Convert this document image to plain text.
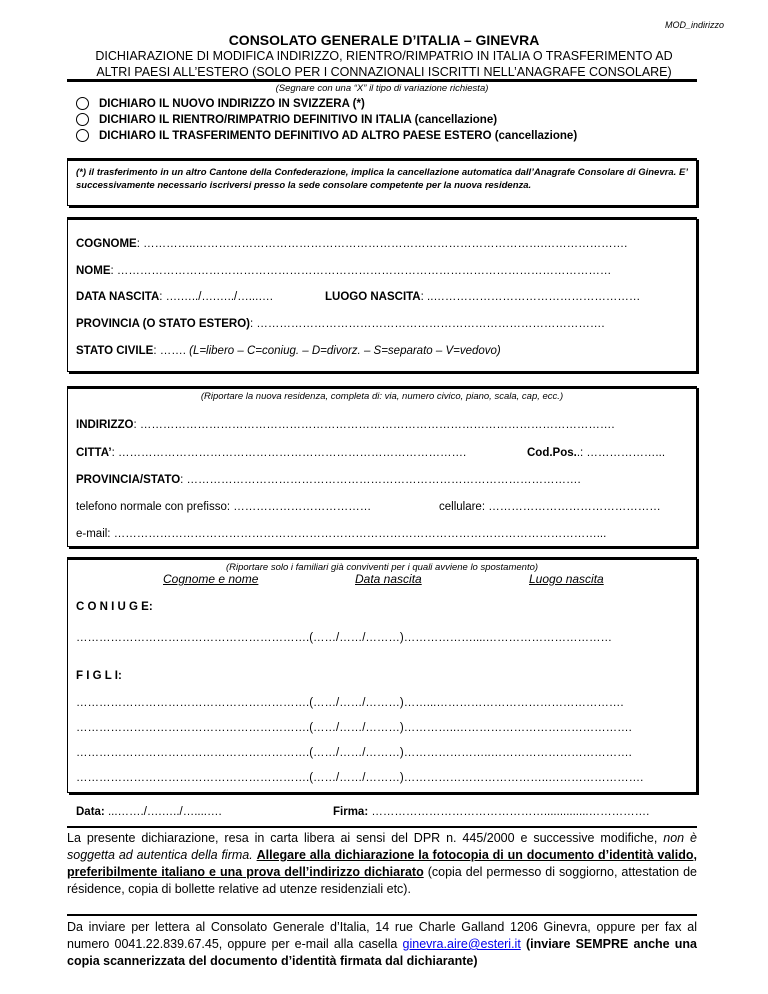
MOD_indirizzo
CONSOLATO GENERALE D’ITALIA – GINEVRA
DICHIARAZIONE DI MODIFICA INDIRIZZO, RIENTRO/RIMPATRIO IN ITALIA O TRASFERIMENTO AD
ALTRI PAESI ALL’ESTERO (SOLO PER I CONNAZIONALI ISCRITTI NELL’ANAGRAFE CONSOLARE)
(Segnare con una “X” il tipo di variazione richiesta)
DICHIARO IL NUOVO INDIRIZZO IN SVIZZERA (*)
DICHIARO IL RIENTRO/RIMPATRIO DEFINITIVO IN ITALIA (cancellazione)
DICHIARO IL TRASFERIMENTO DEFINITIVO AD ALTRO PAESE ESTERO (cancellazione)
(*) il trasferimento in un altro Cantone della Confederazione, implica la cancellazione automatica dall’Anagrafe Consolare di Ginevra. E’ successivamente necessario iscriversi presso la sede consolare competente per la nuova residenza.
COGNOME: …………..……………………………………………………………………………….………………….
NOME: …………………………………………………………………………………………………………………
DATA NASCITA: ….…../….…../…...….	LUOGO NASCITA: ..………………………………………………
PROVINCIA (O STATO ESTERO): ……………………………………………………………………………….
STATO CIVILE: ……. (L=libero – C=coniug. – D=divorz. – S=separato – V=vedovo)
(Riportare la nuova residenza, completa di: via, numero civico, piano, scala, cap, ecc.)
INDIRIZZO: …………………………………………………………………………………………………………….
CITTA’: ……………………………………………………………………………….	Cod.Pos..: ………………...
PROVINCIA/STATO: ………………………………………………………………………………………….
telefono normale con prefisso: ………………………………	cellulare: ………………………………………
e-mail: ………………………………………………………………………………………………………………...
(Riportare solo i familiari già conviventi per i quali avviene lo spostamento)
Cognome e nome	Data nascita	Luogo nascita
C O N I U G E:
…………………………………………………….(……/……/………)………………....……………………………
F I G L I:
…………………………………………………….(……/……/………)……...………………………………………….
…………………………………………………….(……/……/………)…………..……………………………………….
…………………………………………………….(……/……/………)…………………..……………………………….
…………………………………………………….(……/……/………)………………………………..…………………….
Data: ...……./….…../…....….	Firma: ………………………………………..............…………….
La presente dichiarazione, resa in carta libera ai sensi del DPR n. 445/2000 e successive modifiche, non è soggetta ad autentica della firma. Allegare alla dichiarazione la fotocopia di un documento d’identità valido, preferibilmente italiano e una prova dell’indirizzo dichiarato (copia del permesso di soggiorno, attestation de résidence, copia di bollette relative ad utenze residenziali etc).
Da inviare per lettera al Consolato Generale d’Italia, 14 rue Charle Galland 1206 Ginevra, oppure per fax al numero 0041.22.839.67.45, oppure per e-mail alla casella ginevra.aire@esteri.it (inviare SEMPRE anche una copia scannerizzata del documento d’identità firmata dal dichiarante)
